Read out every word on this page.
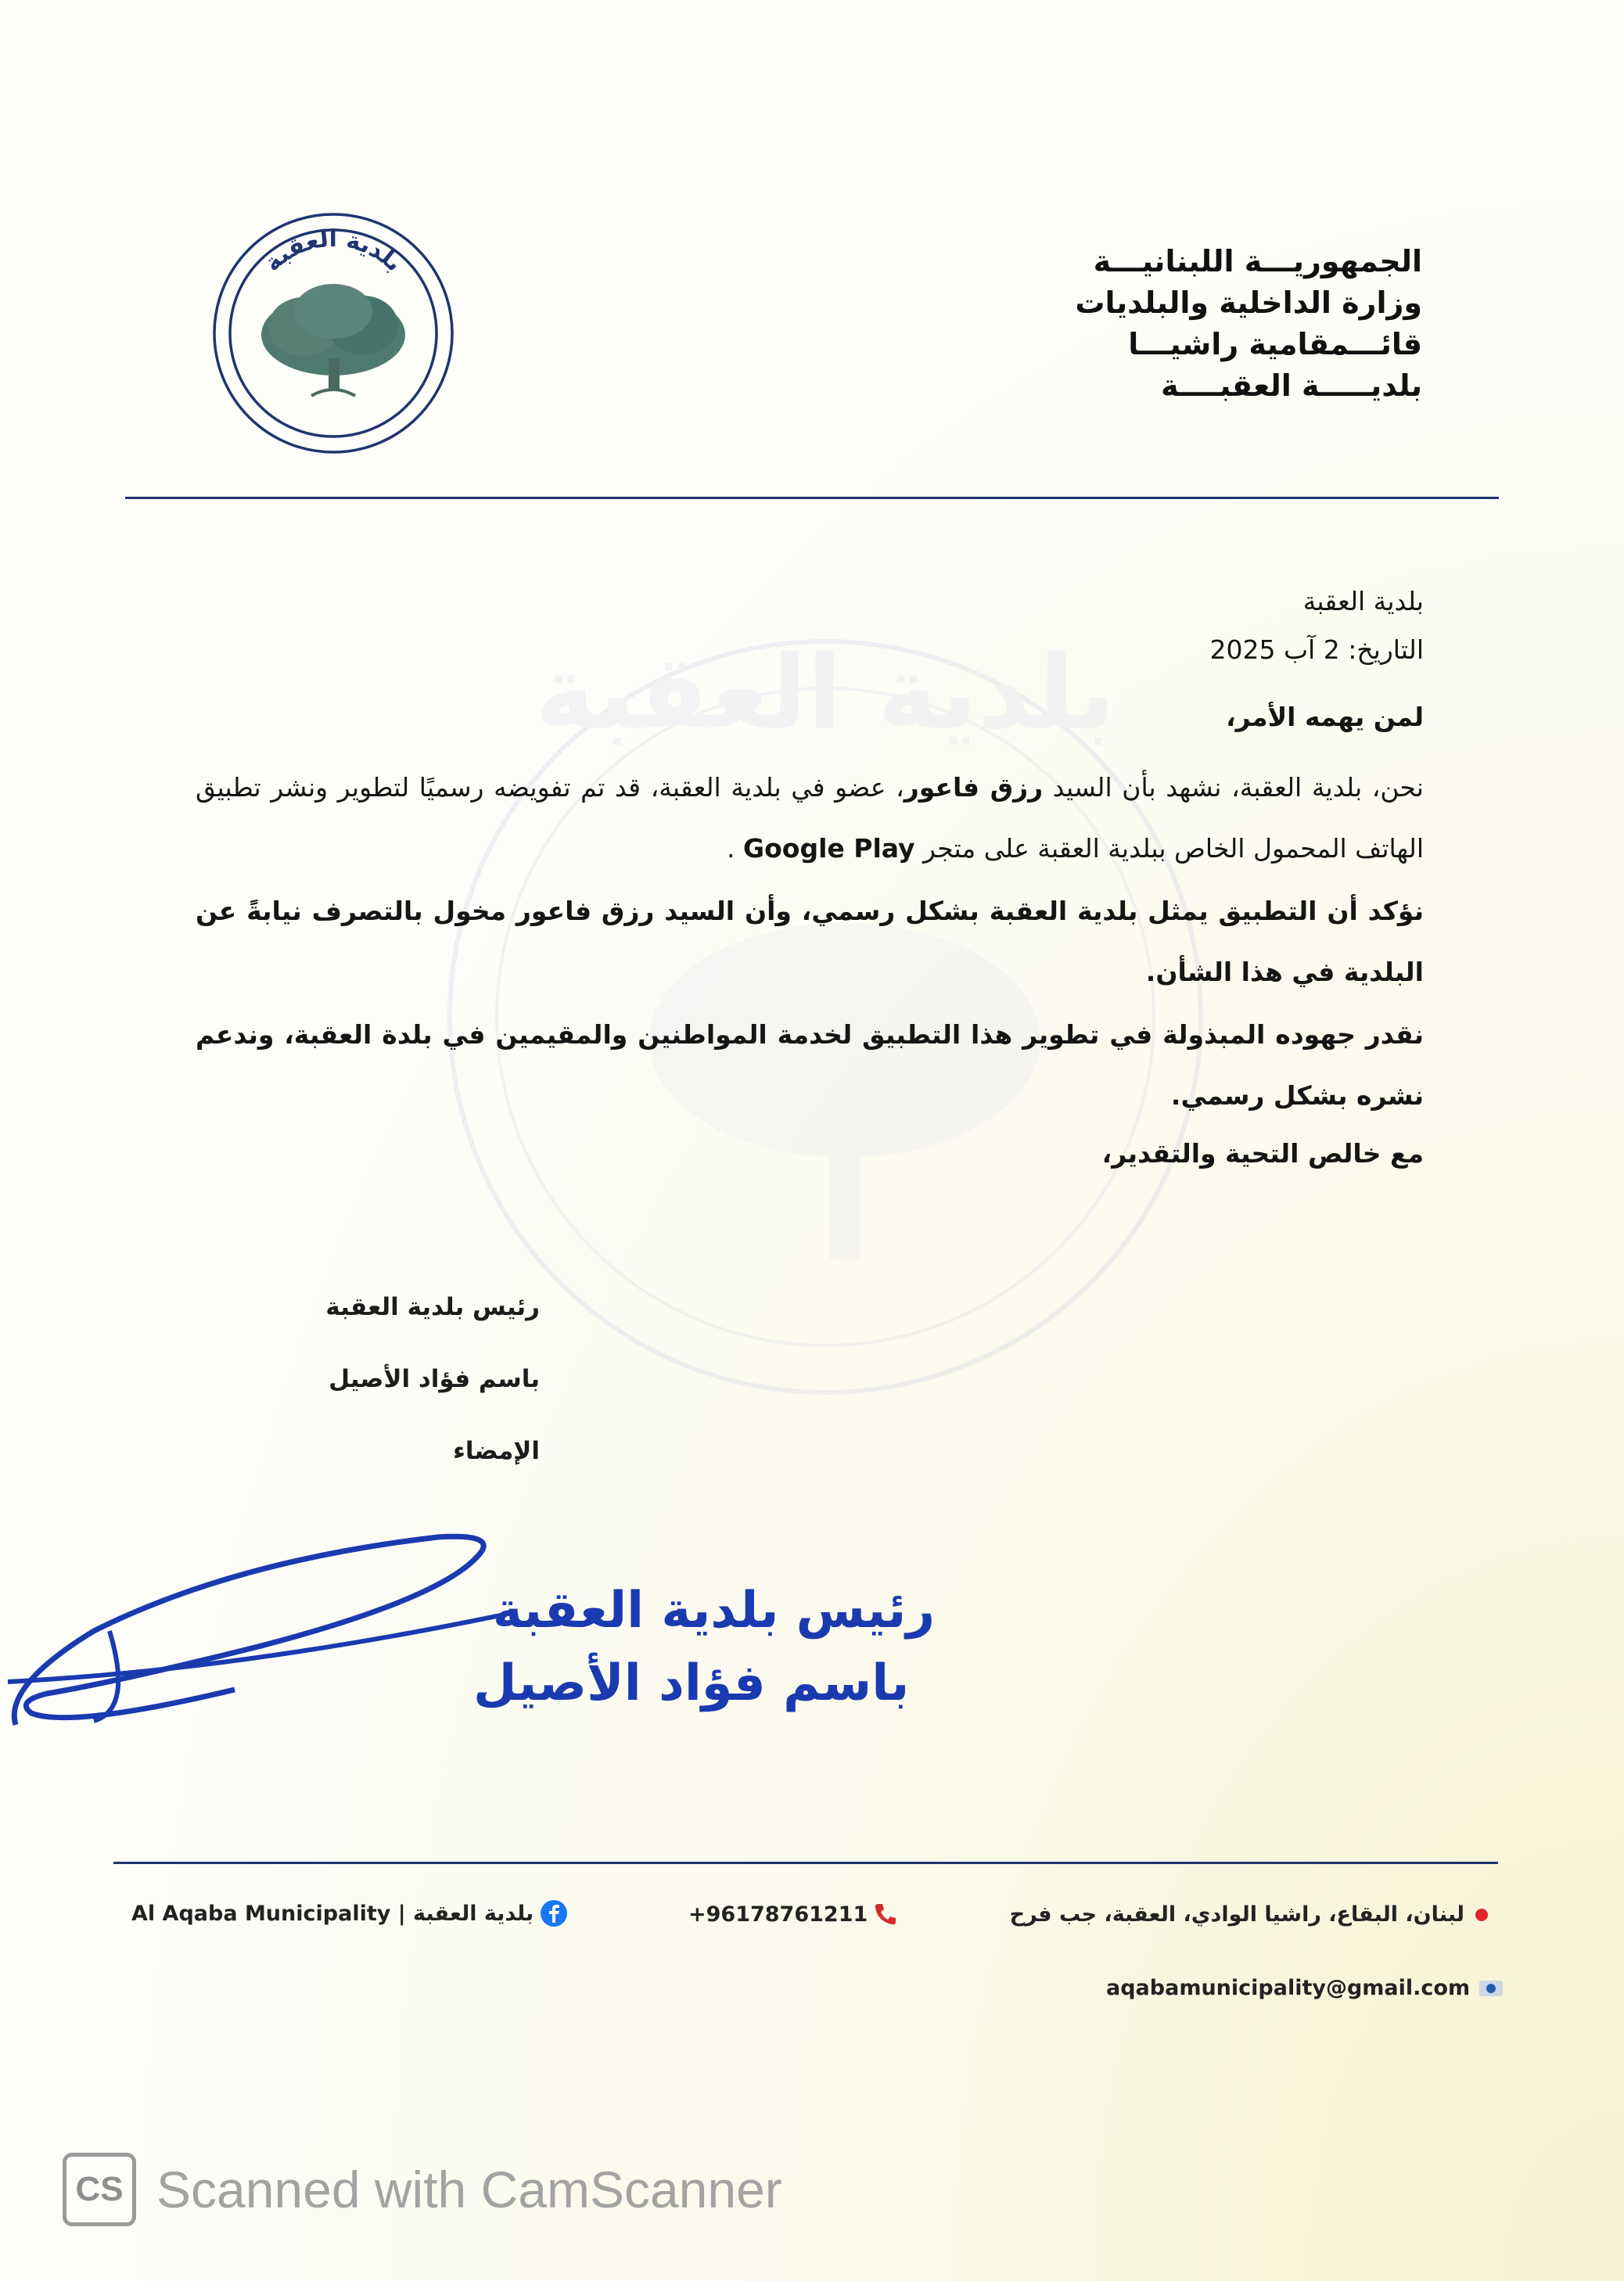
بلدية العقبة
بلدية العقبة	الجمهوريـــة اللبنانيـــة
وزارة الداخلية والبلديات
قائـــمقامية راشيـــا
بلديـــــة العقبــــة
بلدية العقبة
التاريخ: 2 آب 2025
لمن يهمه الأمر،

نحن، بلدية العقبة، نشهد بأن السيد رزق فاعور، عضو في بلدية العقبة، قد تم تفويضه رسميًا لتطوير ونشر تطبيق الهاتف المحمول الخاص ببلدية العقبة على متجر Google Play .

نؤكد أن التطبيق يمثل بلدية العقبة بشكل رسمي، وأن السيد رزق فاعور مخول بالتصرف نيابةً عن البلدية في هذا الشأن.

نقدر جهوده المبذولة في تطوير هذا التطبيق لخدمة المواطنين والمقيمين في بلدة العقبة، وندعم نشره بشكل رسمي.

مع خالص التحية والتقدير،
رئيس بلدية العقبة
باسم فؤاد الأصيل
الإمضاء
رئيس بلدية العقبة
باسم فؤاد الأصيل
Al Aqaba Municipality | بلدية العقبة	+96178761211	لبنان، البقاع، راشيا الوادي، العقبة، جب فرح
aqabamunicipality@gmail.com
CS Scanned with CamScanner
